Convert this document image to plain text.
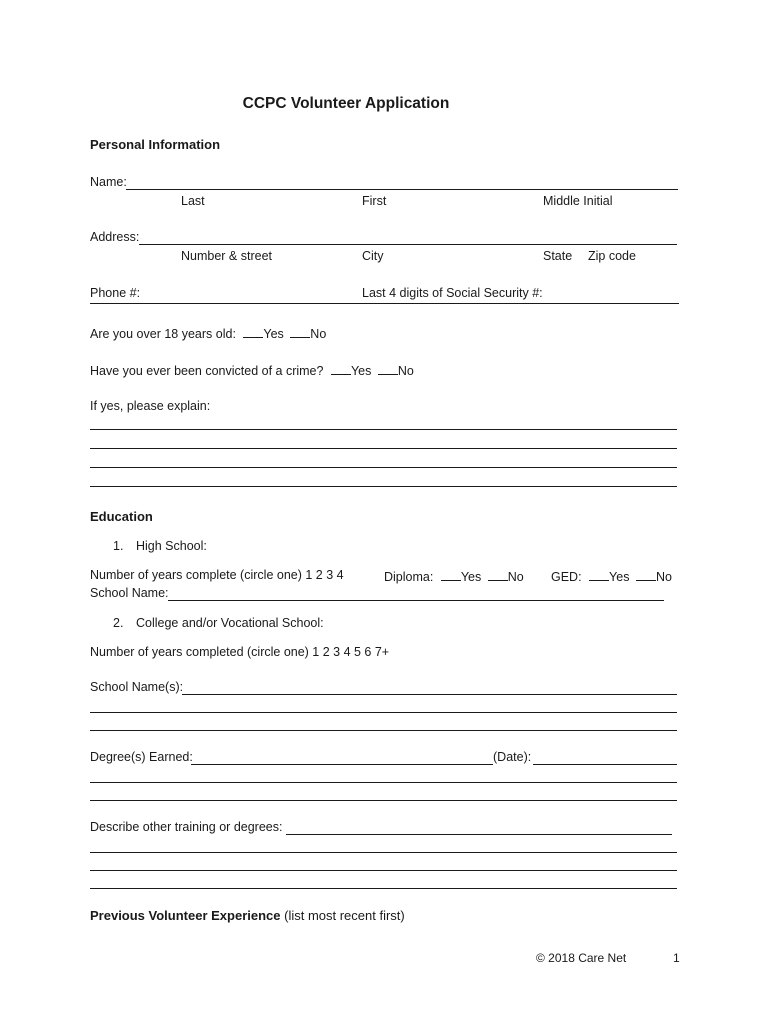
CCPC Volunteer Application
Personal Information
Name:
Last	First	Middle Initial
Address:
Number & street	City	State Zip code
Phone #:	Last 4 digits of Social Security #:
Are you over 18 years old: Yes No
Have you ever been convicted of a crime? Yes No
If yes, please explain:
Education
1. High School:
Number of years complete (circle one) 1 2 3 4	Diploma: Yes No GED: Yes No
School Name:
2. College and/or Vocational School:
Number of years completed (circle one) 1 2 3 4 5 6 7+
School Name(s):
Degree(s) Earned:	(Date):
Describe other training or degrees:
Previous Volunteer Experience (list most recent first)
© 2018 Care Net	1
